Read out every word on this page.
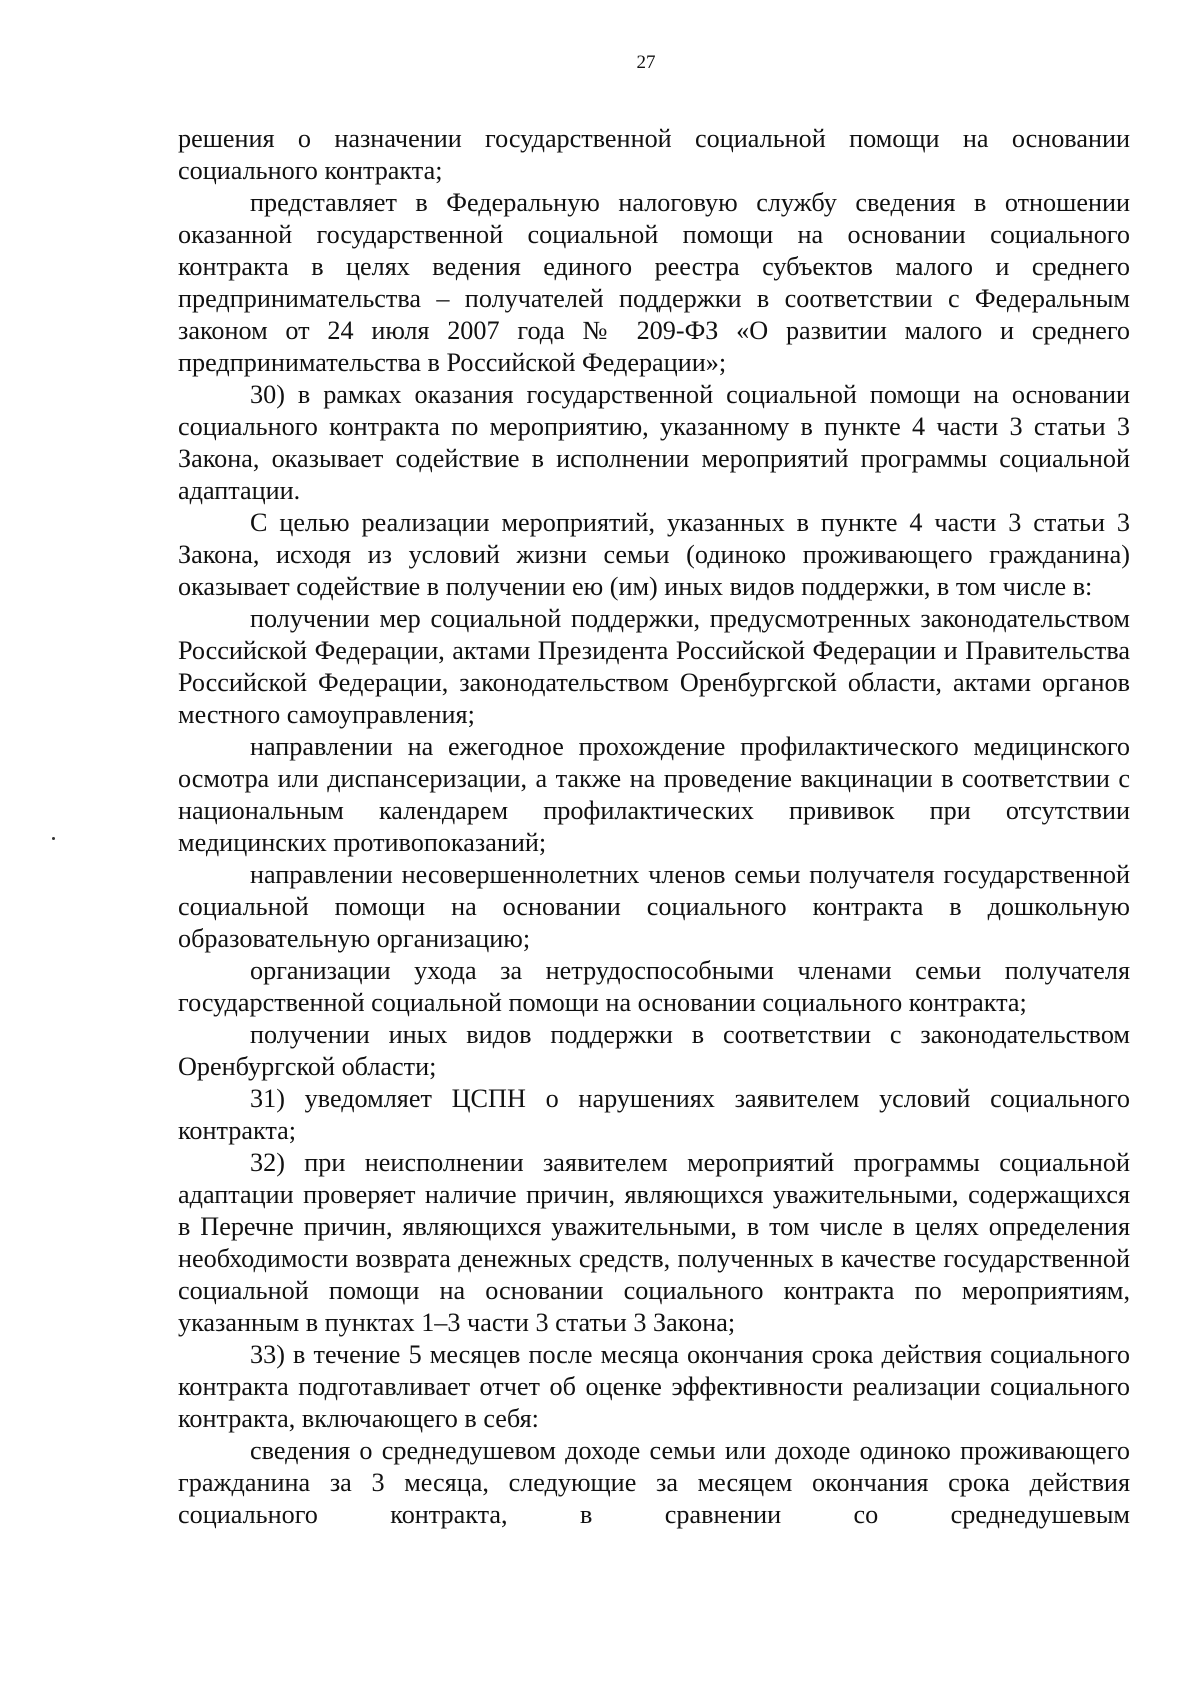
27

решения о назначении государственной социальной помощи на основании социального контракта;

представляет в Федеральную налоговую службу сведения в отношении оказанной государственной социальной помощи на основании социального контракта в целях ведения единого реестра субъектов малого и среднего предпринимательства – получателей поддержки в соответствии с Федеральным законом от 24 июля 2007 года № 209-ФЗ «О развитии малого и среднего предпринимательства в Российской Федерации»;

30) в рамках оказания государственной социальной помощи на основании социального контракта по мероприятию, указанному в пункте 4 части 3 статьи 3 Закона, оказывает содействие в исполнении мероприятий программы социальной адаптации.

С целью реализации мероприятий, указанных в пункте 4 части 3 статьи 3 Закона, исходя из условий жизни семьи (одиноко проживающего гражданина) оказывает содействие в получении ею (им) иных видов поддержки, в том числе в:

получении мер социальной поддержки, предусмотренных законодательством Российской Федерации, актами Президента Российской Федерации и Правительства Российской Федерации, законодательством Оренбургской области, актами органов местного самоуправления;

направлении на ежегодное прохождение профилактического медицинского осмотра или диспансеризации, а также на проведение вакцинации в соответствии с национальным календарем профилактических прививок при отсутствии медицинских противопоказаний;

направлении несовершеннолетних членов семьи получателя государственной социальной помощи на основании социального контракта в дошкольную образовательную организацию;

организации ухода за нетрудоспособными членами семьи получателя государственной социальной помощи на основании социального контракта;

получении иных видов поддержки в соответствии с законодательством Оренбургской области;

31) уведомляет ЦСПН о нарушениях заявителем условий социального контракта;

32) при неисполнении заявителем мероприятий программы социальной адаптации проверяет наличие причин, являющихся уважительными, содержащихся в Перечне причин, являющихся уважительными, в том числе в целях определения необходимости возврата денежных средств, полученных в качестве государственной социальной помощи на основании социального контракта по мероприятиям, указанным в пунктах 1–3 части 3 статьи 3 Закона;

33) в течение 5 месяцев после месяца окончания срока действия социального контракта подготавливает отчет об оценке эффективности реализации социального контракта, включающего в себя:

сведения о среднедушевом доходе семьи или доходе одиноко проживающего гражданина за 3 месяца, следующие за месяцем окончания срока действия социального контракта, в сравнении со среднедушевым
